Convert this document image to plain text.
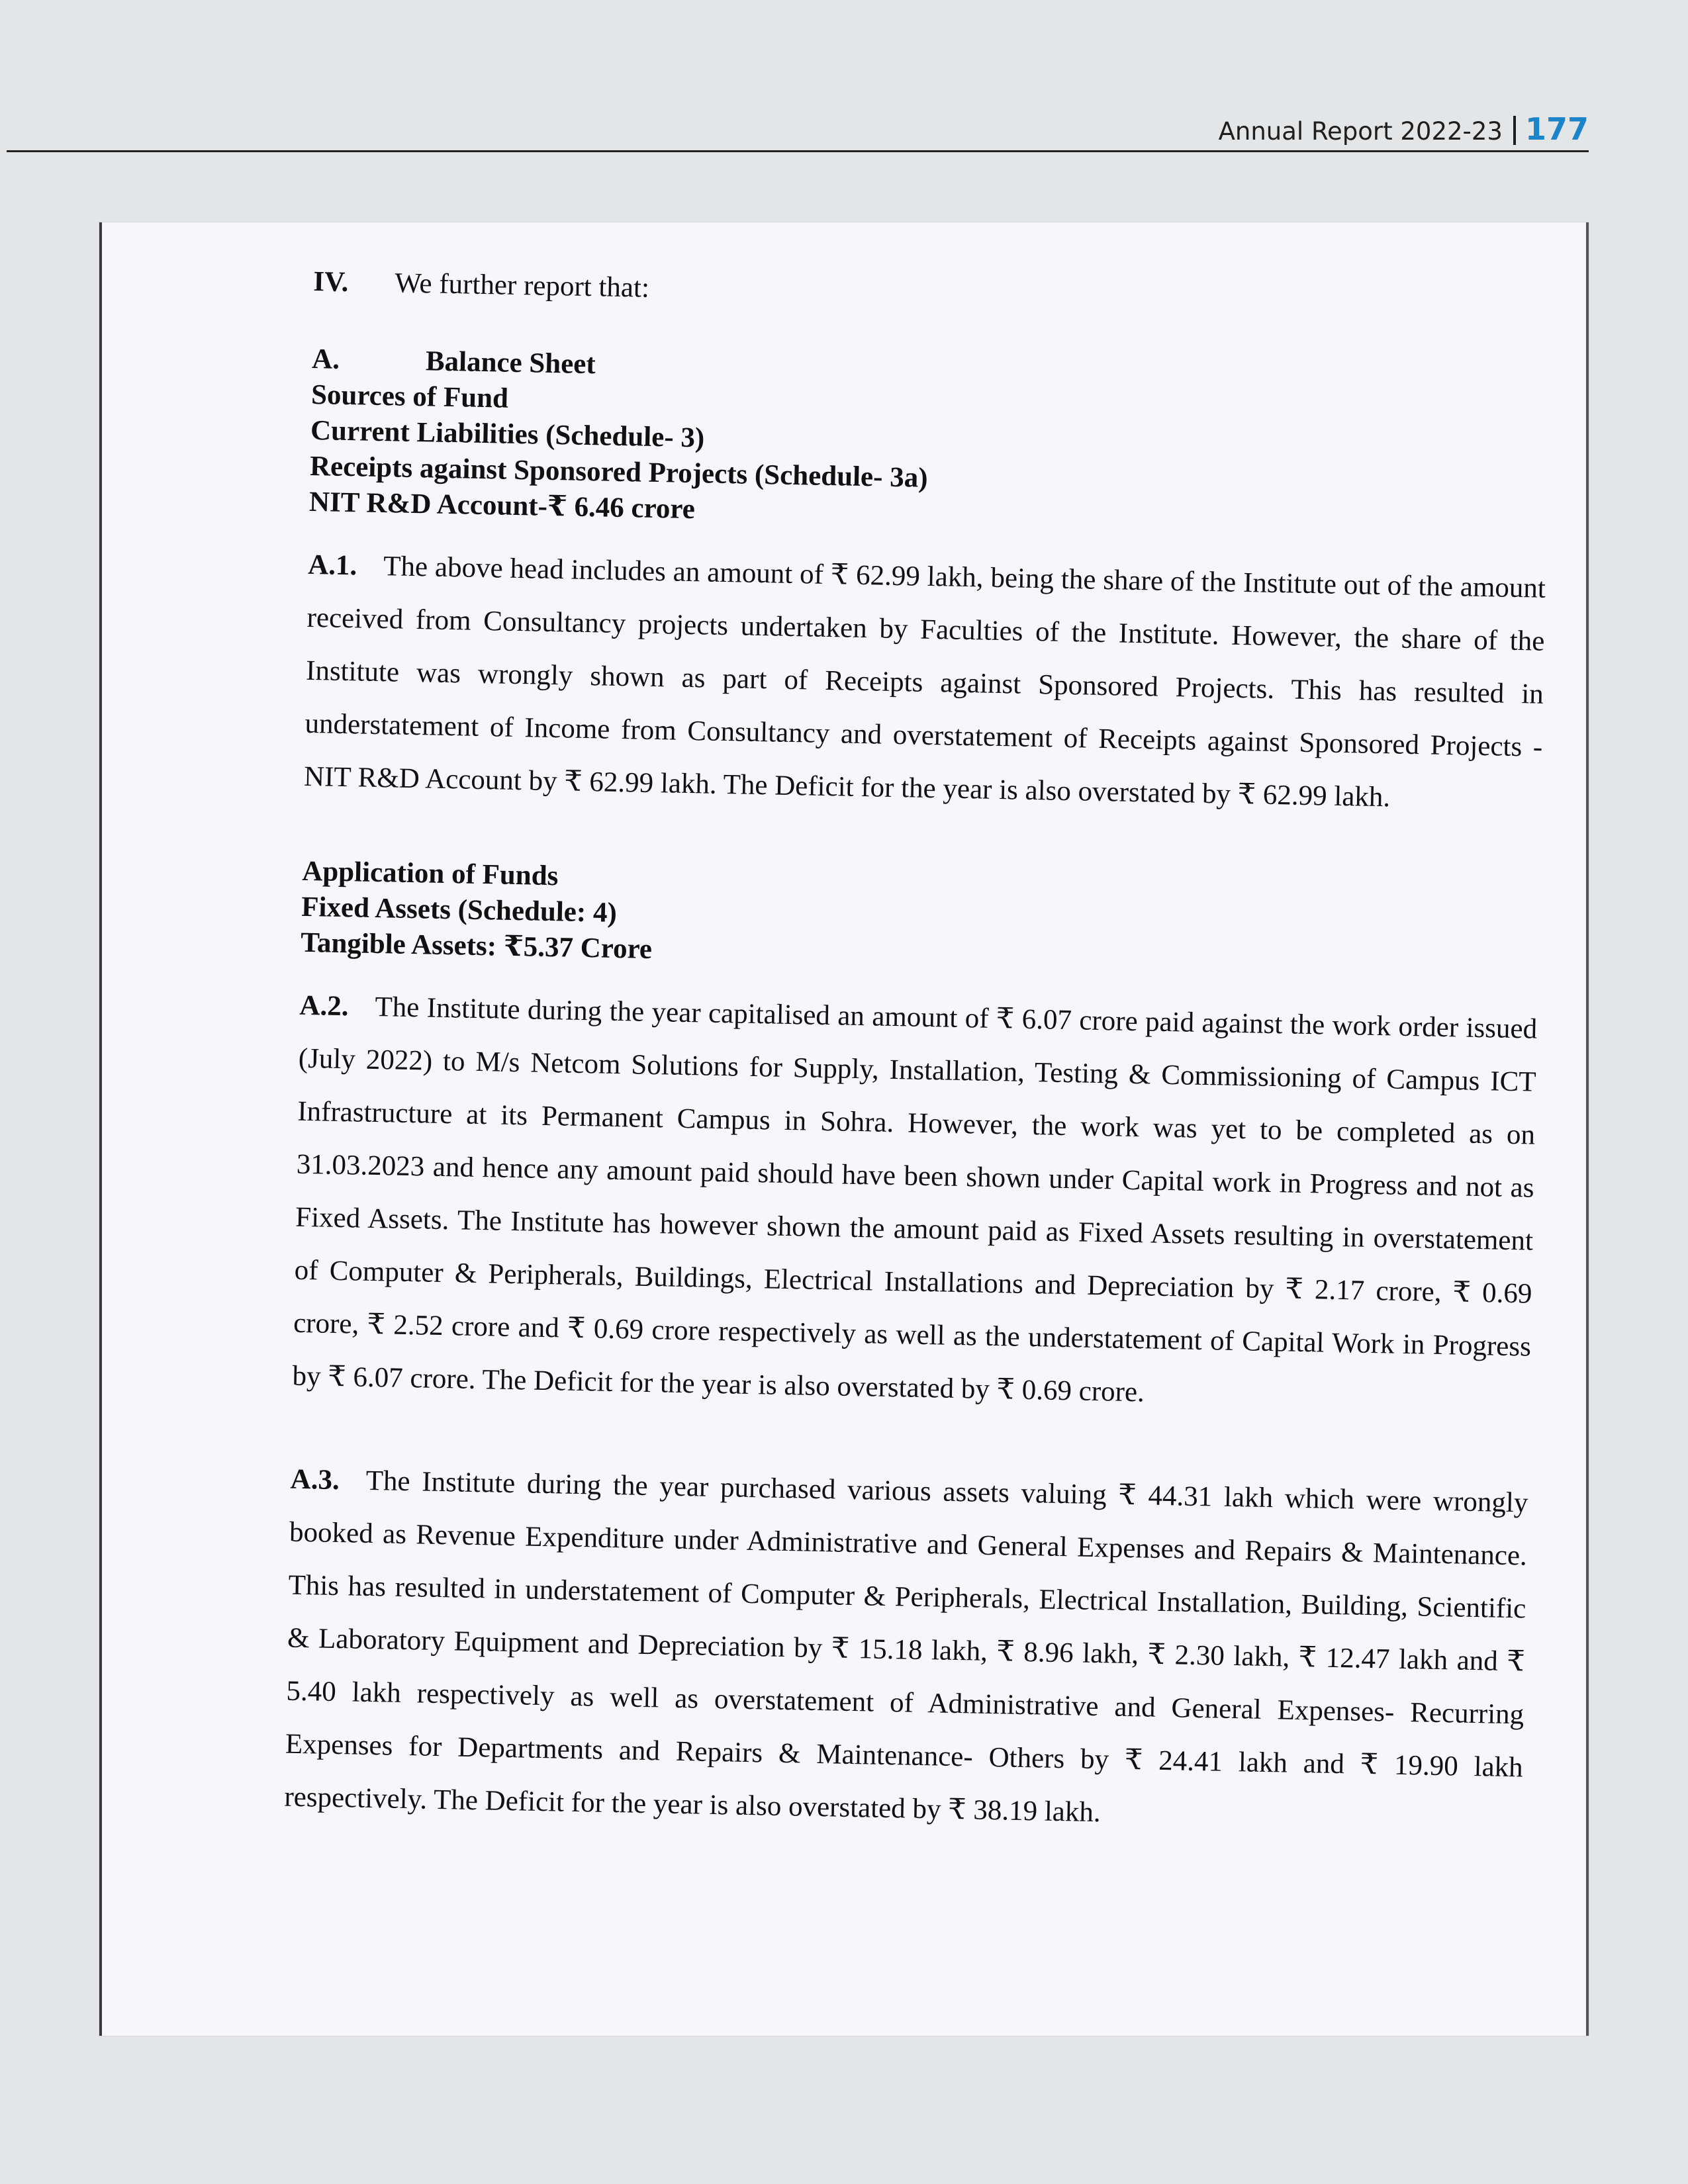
Annual Report 2022-23 177
IV. We further report that:
A.	Balance Sheet
Sources of Fund
Current Liabilities (Schedule- 3)
Receipts against Sponsored Projects (Schedule- 3a)
NIT R&D Account-₹ 6.46 crore

A.1. The above head includes an amount of ₹ 62.99 lakh, being the share of the Institute out of the amount received from Consultancy projects undertaken by Faculties of the Institute. However, the share of the Institute was wrongly shown as part of Receipts against Sponsored Projects. This has resulted in understatement of Income from Consultancy and overstatement of Receipts against Sponsored Projects - NIT R&D Account by ₹ 62.99 lakh. The Deficit for the year is also overstated by ₹ 62.99 lakh.

Application of Funds
Fixed Assets (Schedule: 4)
Tangible Assets: ₹5.37 Crore

A.2. The Institute during the year capitalised an amount of ₹ 6.07 crore paid against the work order issued (July 2022) to M/s Netcom Solutions for Supply, Installation, Testing & Commissioning of Campus ICT Infrastructure at its Permanent Campus in Sohra. However, the work was yet to be completed as on 31.03.2023 and hence any amount paid should have been shown under Capital work in Progress and not as Fixed Assets. The Institute has however shown the amount paid as Fixed Assets resulting in overstatement of Computer & Peripherals, Buildings, Electrical Installations and Depreciation by ₹ 2.17 crore, ₹ 0.69 crore, ₹ 2.52 crore and ₹ 0.69 crore respectively as well as the understatement of Capital Work in Progress by ₹ 6.07 crore. The Deficit for the year is also overstated by ₹ 0.69 crore.

A.3. The Institute during the year purchased various assets valuing ₹ 44.31 lakh which were wrongly booked as Revenue Expenditure under Administrative and General Expenses and Repairs & Maintenance. This has resulted in understatement of Computer & Peripherals, Electrical Installation, Building, Scientific & Laboratory Equipment and Depreciation by ₹ 15.18 lakh, ₹ 8.96 lakh, ₹ 2.30 lakh, ₹ 12.47 lakh and ₹ 5.40 lakh respectively as well as overstatement of Administrative and General Expenses- Recurring Expenses for Departments and Repairs & Maintenance- Others by ₹ 24.41 lakh and ₹ 19.90 lakh respectively. The Deficit for the year is also overstated by ₹ 38.19 lakh.
